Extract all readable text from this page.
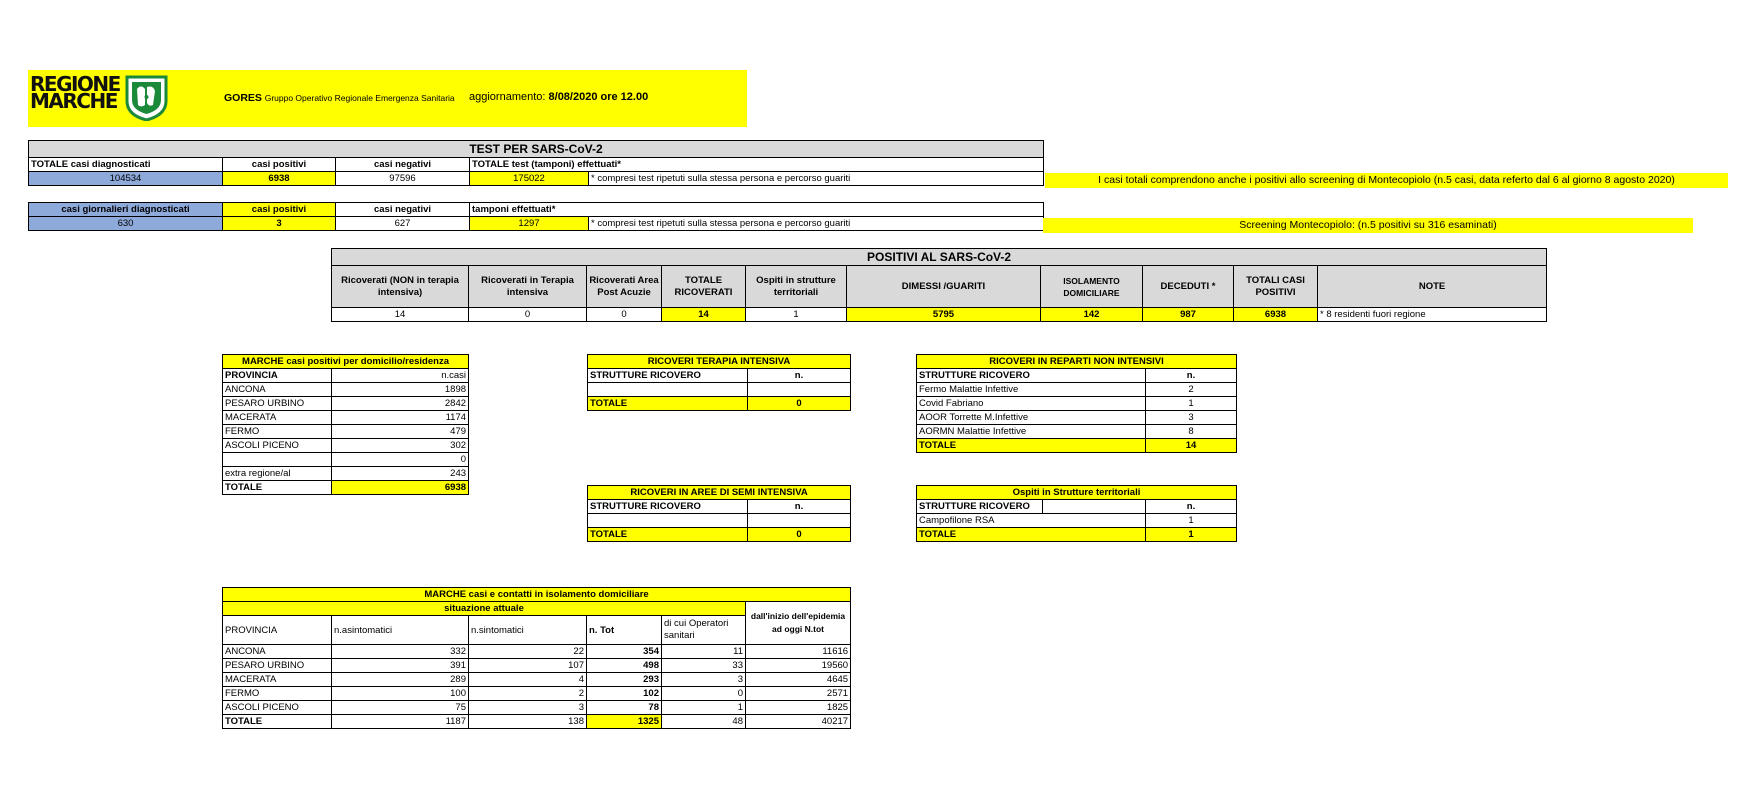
REGIONE
MARCHE	GORES Gruppo Operativo Regionale Emergenza Sanitaria aggiornamento: 8/08/2020 ore 12.00
TEST PER SARS-CoV-2				
TOTALE casi diagnosticati	casi positivi	casi negativi	TOTALE test (tamponi) effettuati*	
104534	6938	97596	175022	* compresi test ripetuti sulla stessa persona e percorso guariti	I casi totali comprendono anche i positivi allo screening di Montecopiolo (n.5 casi, data referto dal 6 al giorno 8 agosto 2020)
casi giornalieri diagnosticati	casi positivi	casi negativi	tamponi effettuati*	
630	3	627	1297	* compresi test ripetuti sulla stessa persona e percorso guariti	Screening Montecopiolo: (n.5 positivi su 316 esaminati)
POSITIVI AL SARS-CoV-2									
Ricoverati (NON in terapia intensiva)	Ricoverati in Terapia intensiva	Ricoverati Area Post Acuzie	TOTALE RICOVERATI	Ospiti in strutture territoriali	DIMESSI /GUARITI	ISOLAMENTO DOMICILIARE	DECEDUTI *	TOTALI CASI POSITIVI	NOTE
14	0	0	14	1	5795	142	987	6938	* 8 residenti fuori regione
MARCHE casi positivi per domicilio/residenza	
PROVINCIA	n.casi
ANCONA	1898
PESARO URBINO	2842
MACERATA	1174
FERMO	479
ASCOLI PICENO	302
	0
extra regione/al	243
TOTALE	6938
RICOVERI TERAPIA INTENSIVA	
STRUTTURE RICOVERO	n.

TOTALE	0
RICOVERI IN REPARTI NON INTENSIVI	
STRUTTURE RICOVERO	n.
Fermo Malattie Infettive	2
Covid Fabriano	1
AOOR Torrette M.Infettive	3
AORMN Malattie Infettive	8
TOTALE	14
RICOVERI IN AREE DI SEMI INTENSIVA	
STRUTTURE RICOVERO	n.

TOTALE	0
Ospiti in Strutture territoriali		
STRUTTURE RICOVERO		n.
Campofilone RSA		1
TOTALE		1
MARCHE casi e contatti in isolamento domiciliare					
situazione attuale					dall'inizio dell'epidemia ad oggi N.tot
PROVINCIA	n.asintomatici	n.sintomatici	n. Tot	di cui Operatori sanitari	
ANCONA	332	22	354	11	11616
PESARO URBINO	391	107	498	33	19560
MACERATA	289	4	293	3	4645
FERMO	100	2	102	0	2571
ASCOLI PICENO	75	3	78	1	1825
TOTALE	1187	138	1325	48	40217
